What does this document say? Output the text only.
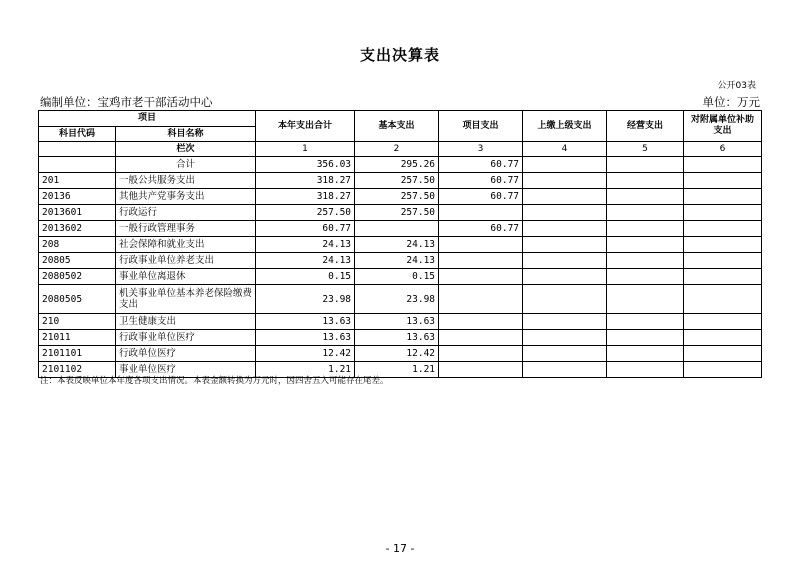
支出决算表
公开03表
编制单位：宝鸡市老干部活动中心	单位：万元
项目		本年支出合计	基本支出	项目支出	上缴上级支出	经营支出	对附属单位补助支出
科目代码	科目名称						
	栏次	1	2	3	4	5	6
	合计	356.03	295.26	60.77			
201	一般公共服务支出	318.27	257.50	60.77			
20136	其他共产党事务支出	318.27	257.50	60.77			
2013601	行政运行	257.50	257.50				
2013602	一般行政管理事务	60.77		60.77			
208	社会保障和就业支出	24.13	24.13				
20805	行政事业单位养老支出	24.13	24.13				
2080502	事业单位离退休	0.15	0.15				
2080505	机关事业单位基本养老保险缴费支出	23.98	23.98				
210	卫生健康支出	13.63	13.63				
21011	行政事业单位医疗	13.63	13.63				
2101101	行政单位医疗	12.42	12.42				
2101102	事业单位医疗	1.21	1.21				
注：本表反映单位本年度各项支出情况。本表金额转换为万元时，因四舍五入可能存在尾差。
- 17 -
